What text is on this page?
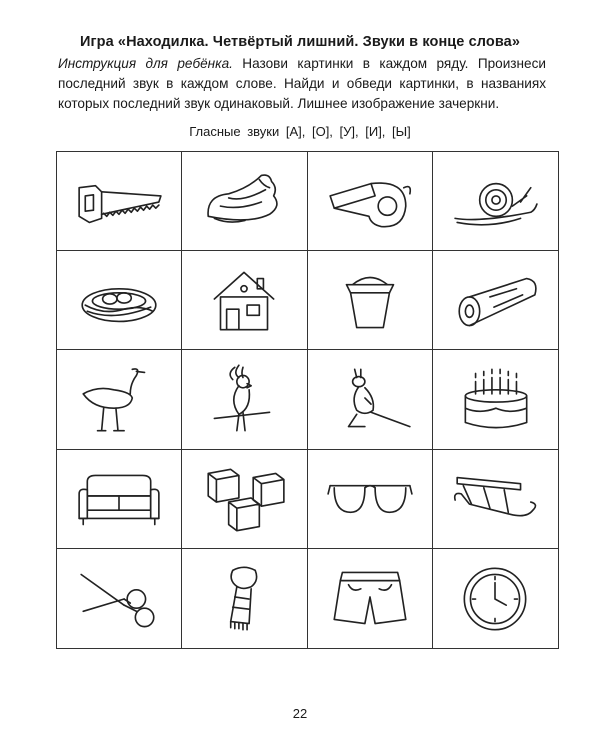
Игра «Находилка. Четвёртый лишний. Звуки в конце слова»
Инструкция для ребёнка. Назови картинки в каждом ряду. Произнеси последний звук в каждом слове. Найди и обведи картинки, в названиях которых последний звук одинаковый. Лишнее изображение зачеркни.
Гласные звуки [А], [О], [У], [И], [Ы]
22
